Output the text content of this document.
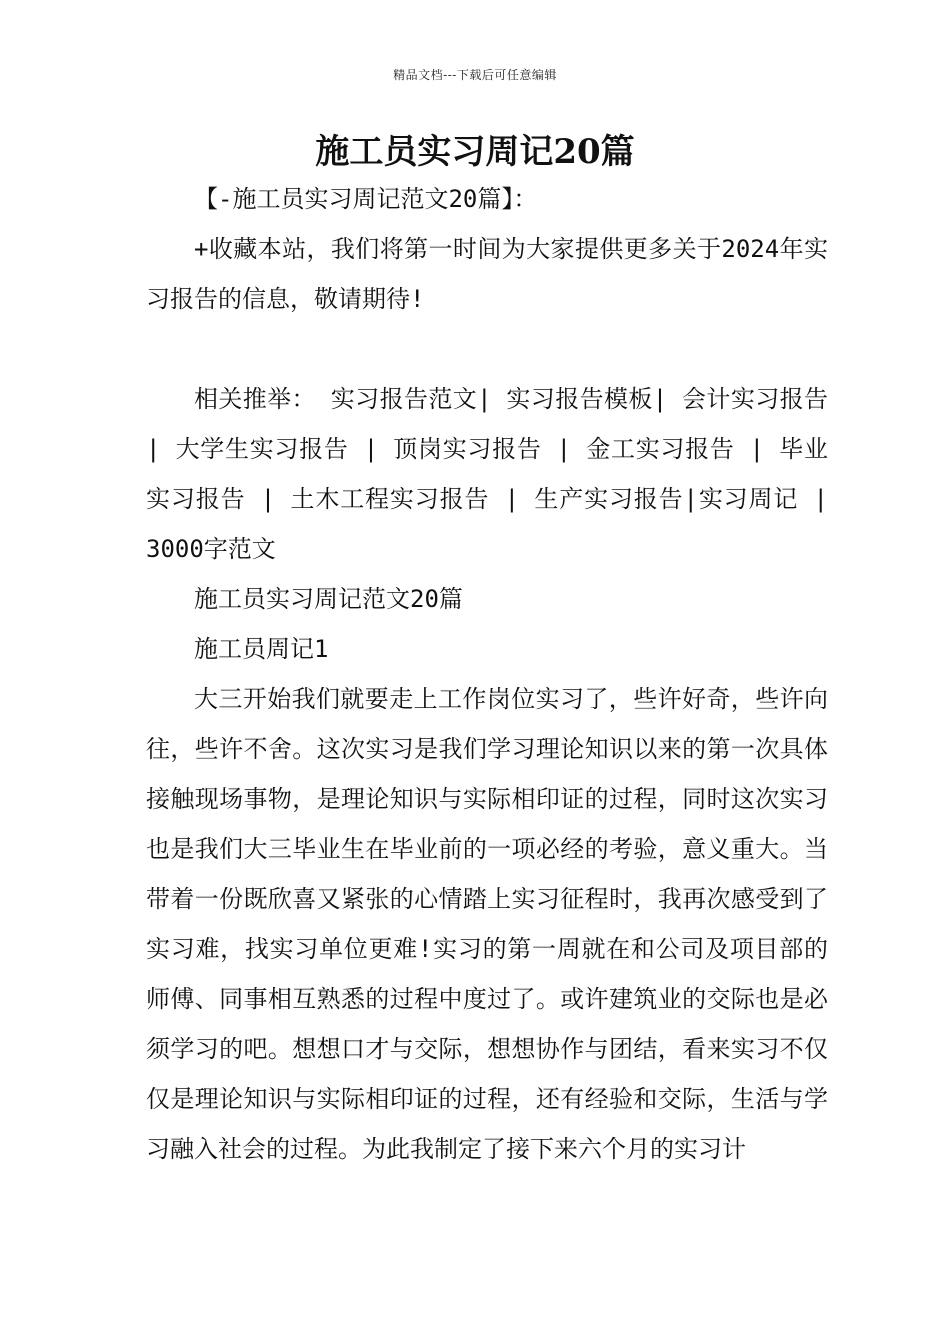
精品文档---下载后可任意编辑
施工员实习周记20篇

【-施工员实习周记范文20篇】：

+收藏本站，我们将第一时间为大家提供更多关于2024年实习报告的信息，敬请期待!

相关推举： 实习报告范文| 实习报告模板| 会计实习报告 | 大学生实习报告 | 顶岗实习报告 | 金工实习报告 | 毕业实习报告 | 土木工程实习报告 | 生产实习报告|实习周记 | 3000字范文

施工员实习周记范文20篇

施工员周记1

大三开始我们就要走上工作岗位实习了，些许好奇，些许向往，些许不舍。这次实习是我们学习理论知识以来的第一次具体接触现场事物，是理论知识与实际相印证的过程，同时这次实习也是我们大三毕业生在毕业前的一项必经的考验，意义重大。当带着一份既欣喜又紧张的心情踏上实习征程时，我再次感受到了实习难，找实习单位更难!实习的第一周就在和公司及项目部的师傅、同事相互熟悉的过程中度过了。或许建筑业的交际也是必须学习的吧。想想口才与交际，想想协作与团结，看来实习不仅仅是理论知识与实际相印证的过程，还有经验和交际，生活与学习融入社会的过程。为此我制定了接下来六个月的实习计
